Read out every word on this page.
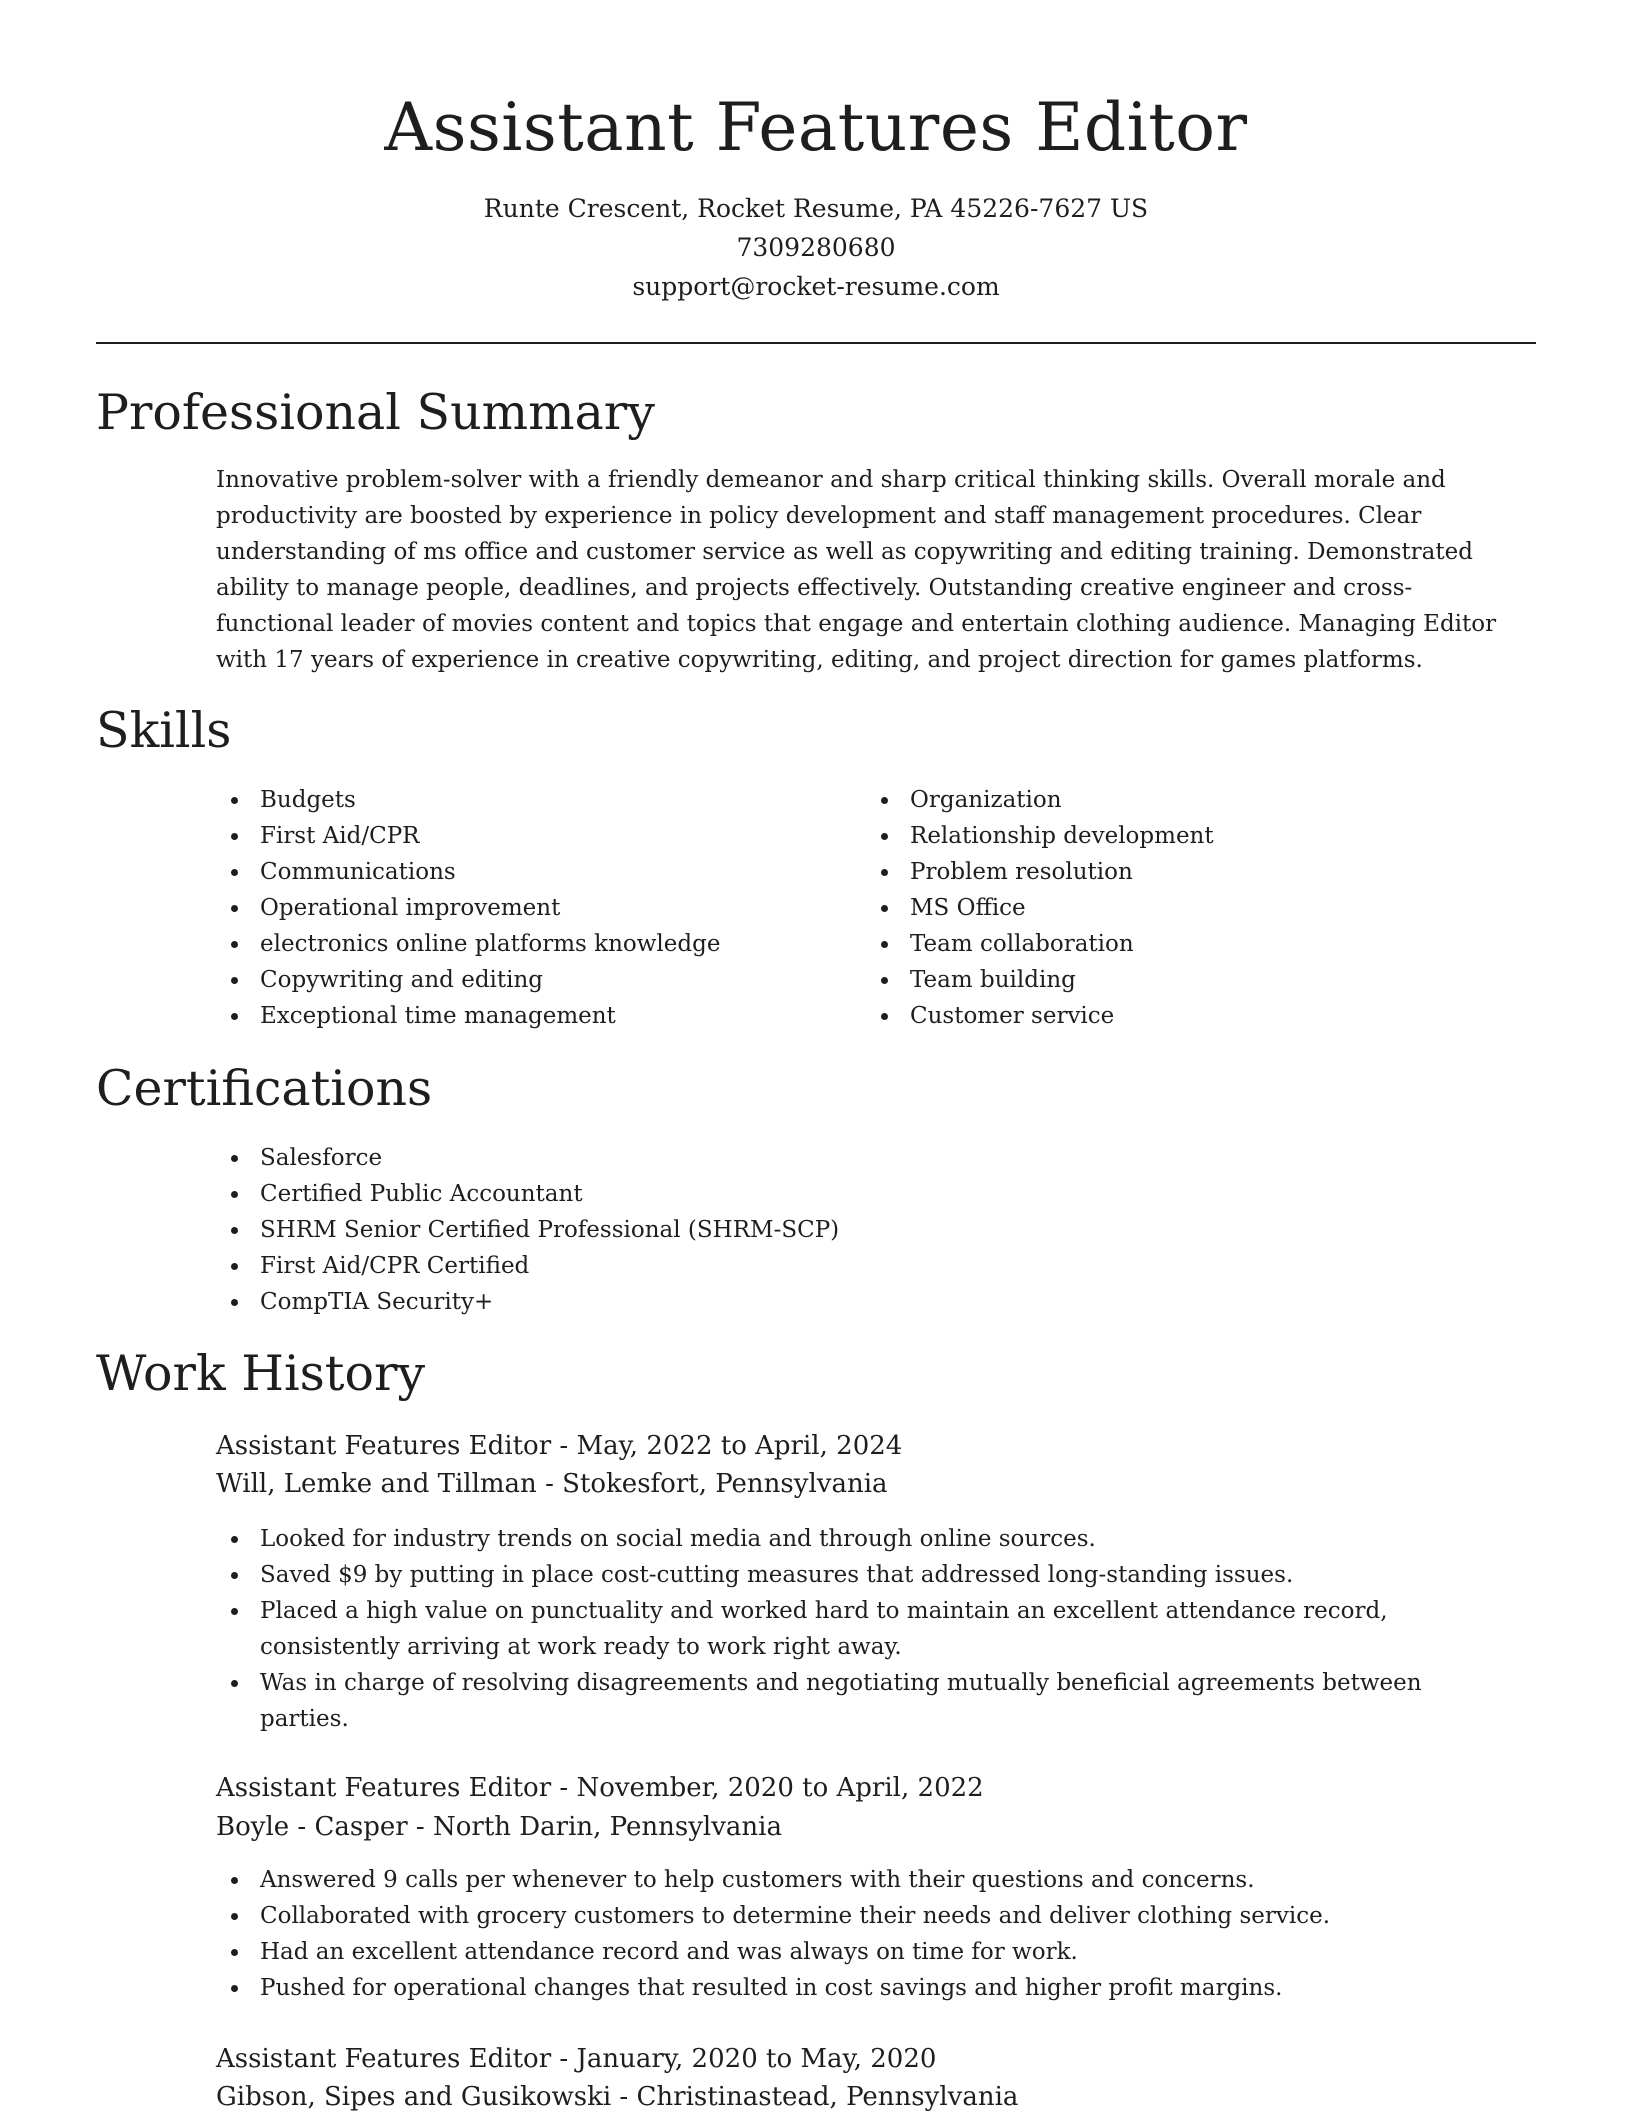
Assistant Features Editor
Runte Crescent, Rocket Resume, PA 45226-7627 US
7309280680
support@rocket-resume.com
Professional Summary

Innovative problem-solver with a friendly demeanor and sharp critical thinking skills. Overall morale and productivity are boosted by experience in policy development and staff management procedures. Clear understanding of ms office and customer service as well as copywriting and editing training. Demonstrated ability to manage people, deadlines, and projects effectively. Outstanding creative engineer and cross-functional leader of movies content and topics that engage and entertain clothing audience. Managing Editor with 17 years of experience in creative copywriting, editing, and project direction for games platforms.

Skills
Budgets
First Aid/CPR
Communications
Operational improvement
electronics online platforms knowledge
Copywriting and editing
Exceptional time management
Organization
Relationship development
Problem resolution
MS Office
Team collaboration
Team building
Customer service
Certifications
Salesforce
Certified Public Accountant
SHRM Senior Certified Professional (SHRM-SCP)
First Aid/CPR Certified
CompTIA Security+
Work History
Assistant Features Editor - May, 2022 to April, 2024
Will, Lemke and Tillman - Stokesfort, Pennsylvania
Looked for industry trends on social media and through online sources.
Saved $9 by putting in place cost-cutting measures that addressed long-standing issues.
Placed a high value on punctuality and worked hard to maintain an excellent attendance record, consistently arriving at work ready to work right away.
Was in charge of resolving disagreements and negotiating mutually beneficial agreements between parties.
Assistant Features Editor - November, 2020 to April, 2022
Boyle - Casper - North Darin, Pennsylvania
Answered 9 calls per whenever to help customers with their questions and concerns.
Collaborated with grocery customers to determine their needs and deliver clothing service.
Had an excellent attendance record and was always on time for work.
Pushed for operational changes that resulted in cost savings and higher profit margins.
Assistant Features Editor - January, 2020 to May, 2020
Gibson, Sipes and Gusikowski - Christinastead, Pennsylvania
